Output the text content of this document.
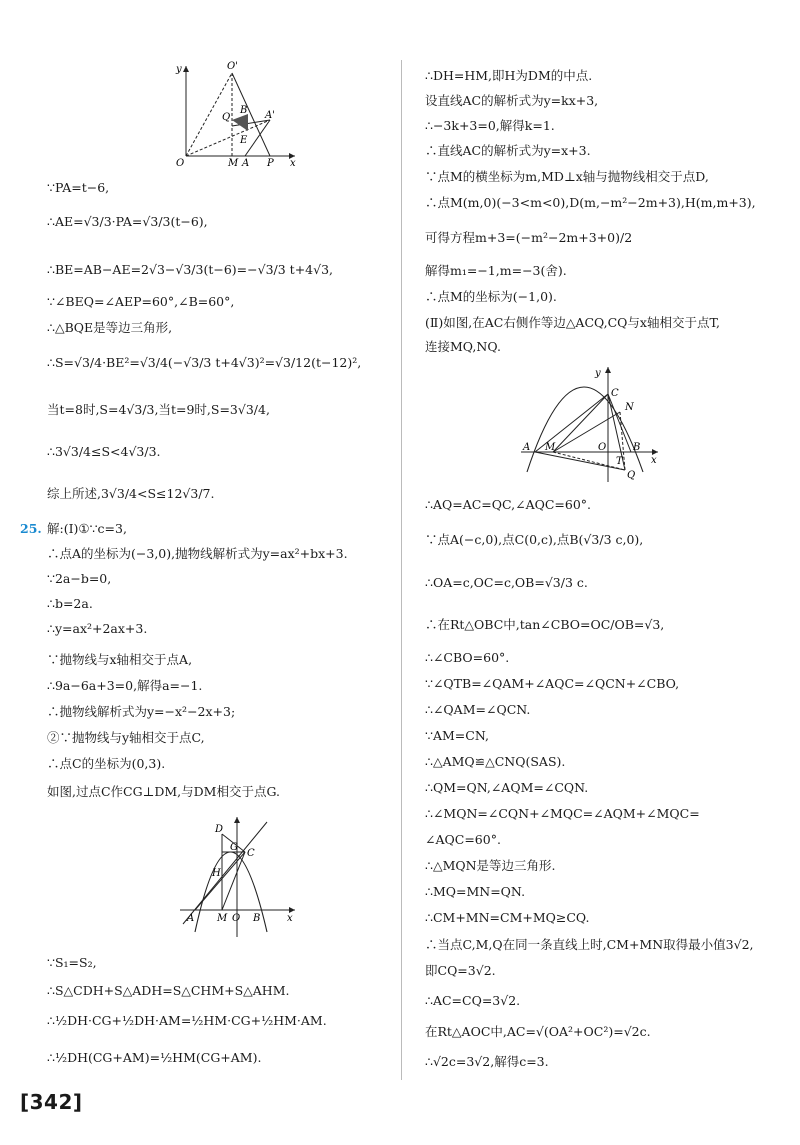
y	O'
B
Q	A'
E
O	M A P x
∵PA=t−6,
∴AE=√3/3·PA=√3/3(t−6),
∴BE=AB−AE=2√3−√3/3(t−6)=−√3/3 t+4√3,
∵∠BEQ=∠AEP=60°,∠B=60°,
∴△BQE是等边三角形,
∴S=√3/4·BE²=√3/4(−√3/3 t+4√3)²=√3/12(t−12)²,
当t=8时,S=4√3/3,当t=9时,S=3√3/4,
∴3√3/4≤S<4√3/3.
综上所述,3√3/4<S≤12√3/7.
25. 解:(Ⅰ)①∵c=3,
∴点A的坐标为(−3,0),抛物线解析式为y=ax²+bx+3.
∵2a−b=0,
∴b=2a.
∴y=ax²+2ax+3.
∵抛物线与x轴相交于点A,
∴9a−6a+3=0,解得a=−1.
∴抛物线解析式为y=−x²−2x+3;
②∵抛物线与y轴相交于点C,
∴点C的坐标为(0,3).
如图,过点C作CG⊥DM,与DM相交于点G.
D
G
C
H
A M O B	x
∵S₁=S₂,
∴S△CDH+S△ADH=S△CHM+S△AHM.
∴½DH·CG+½DH·AM=½HM·CG+½HM·AM.
∴½DH(CG+AM)=½HM(CG+AM).
[342]
∴DH=HM,即H为DM的中点.
设直线AC的解析式为y=kx+3,
∴−3k+3=0,解得k=1.
∴直线AC的解析式为y=x+3.
∵点M的横坐标为m,MD⊥x轴与抛物线相交于点D,
∴点M(m,0)(−3<m<0),D(m,−m²−2m+3),H(m,m+3),
可得方程m+3=(−m²−2m+3+0)/2
解得m₁=−1,m=−3(舍).
∴点M的坐标为(−1,0).
(Ⅱ)如图,在AC右侧作等边△ACQ,CQ与x轴相交于点T,
连接MQ,NQ.
y
C
N
A M	O
T
B
x
Q
∴AQ=AC=QC,∠AQC=60°.
∵点A(−c,0),点C(0,c),点B(√3/3 c,0),
∴OA=c,OC=c,OB=√3/3 c.
∴在Rt△OBC中,tan∠CBO=OC/OB=√3,
∴∠CBO=60°.
∵∠QTB=∠QAM+∠AQC=∠QCN+∠CBO,
∴∠QAM=∠QCN.
∵AM=CN,
∴△AMQ≌△CNQ(SAS).
∴QM=QN,∠AQM=∠CQN.
∴∠MQN=∠CQN+∠MQC=∠AQM+∠MQC=
∠AQC=60°.
∴△MQN是等边三角形.
∴MQ=MN=QN.
∴CM+MN=CM+MQ≥CQ.
∴当点C,M,Q在同一条直线上时,CM+MN取得最小值3√2,
即CQ=3√2.
∴AC=CQ=3√2.
在Rt△AOC中,AC=√(OA²+OC²)=√2c.
∴√2c=3√2,解得c=3.
